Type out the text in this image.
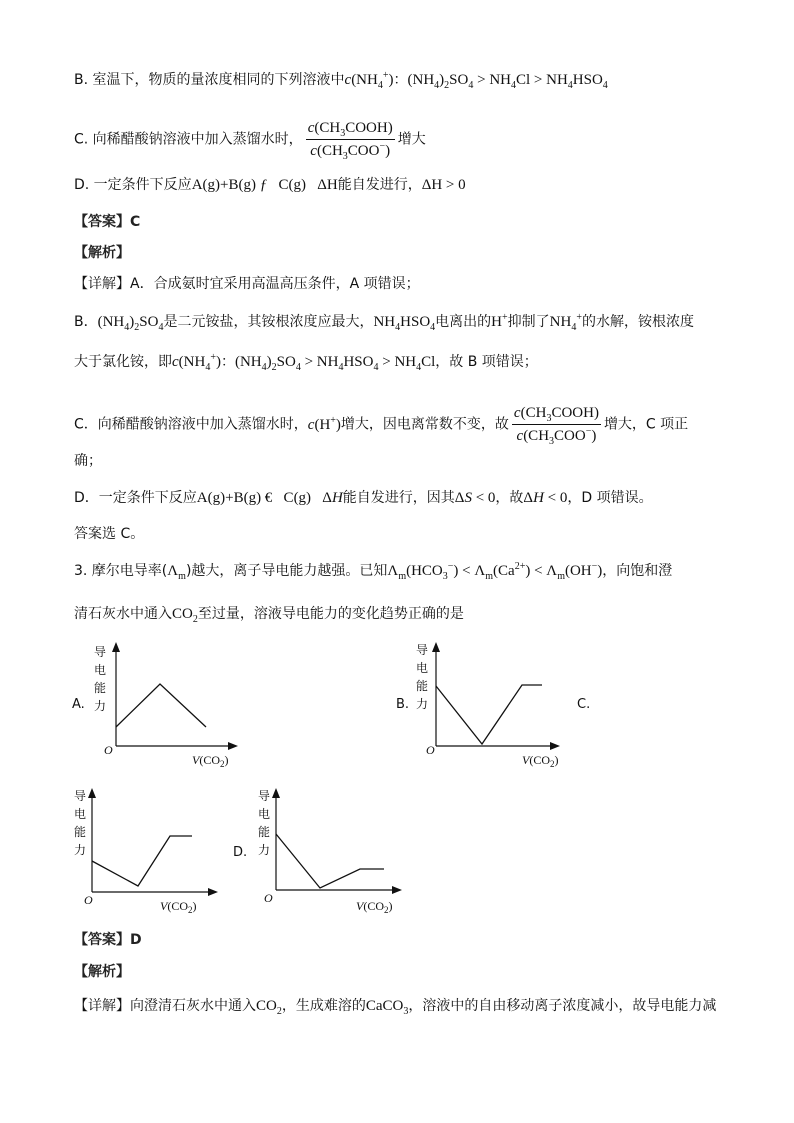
B. 室温下，物质的量浓度相同的下列溶液中$c(NH_4^+)$：$(NH_4)_2SO_4 > NH_4Cl > NH_4HSO_4$
C. 向稀醋酸钠溶液中加入蒸馏水时， $\frac{c(CH_3COOH)}{c(CH_3COO^-)}$ 增大
D. 一定条件下反应A(g)+B(g) ƒ   C(g)   ΔH能自发进行，ΔH > 0
【答案】C
【解析】
【详解】A．合成氨时宜采用高温高压条件，A 项错误；
B．$(NH_4)_2SO_4$是二元铵盐，其铵根浓度应最大，$NH_4HSO_4$电离出的H+抑制了$NH_4^+$的水解，铵根浓度
大于氯化铵，即$c(NH_4^+)$：$(NH_4)_2SO_4 > NH_4HSO_4 > NH_4Cl$，故 B 项错误；
C．向稀醋酸钠溶液中加入蒸馏水时，c(H+)增大，因电离常数不变，故 $\frac{c(CH_3COOH)}{c(CH_3COO^-)}$ 增大，C 项正
确；
D．一定条件下反应A(g)+B(g) €   C(g)   ΔH能自发进行，因其ΔS < 0，故ΔH < 0，D 项错误。
答案选 C。
3. 摩尔电导率$(\Lambda_m)$越大，离子导电能力越强。已知$\Lambda_m(HCO_3^-) < \Lambda_m(Ca^{2+}) < \Lambda_m(OH^-)$，向饱和澄
清石灰水中通入$CO_2$至过量，溶液导电能力的变化趋势正确的是
A.	B.	C.
D.
导
电
能
力
O
$V(CO_2)$
导
电
能
力
O
$V(CO_2)$
导
电
能
力
O	$V(CO_2)$
导
电
能
力
O
$V(CO_2)$
【答案】D
【解析】
【详解】向澄清石灰水中通入$CO_2$，生成难溶的CaCO$_3$，溶液中的自由移动离子浓度减小，故导电能力减
